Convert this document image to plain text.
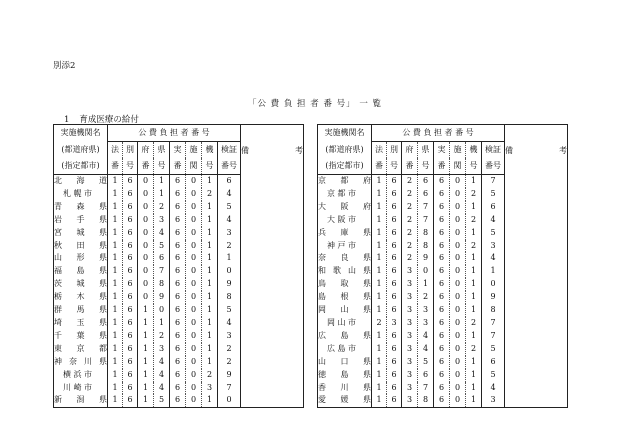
別添2
「公 費 負 担 者 番 号」 一 覧
1 育成医療の給付
実施機関名	公 費 負 担 者 番 号								備 考

(都道府県)	法	別	府	県	実	施	機	検証	

(指定都市)	番	号	番	号	番	関	号	番号	
北 海 道	1	6	0	1	6	0	1	6	
札 幌 市	1	6	0	1	6	0	2	4	
青 森 県	1	6	0	2	6	0	1	5	
岩 手 県	1	6	0	3	6	0	1	4	
宮 城 県	1	6	0	4	6	0	1	3	
秋 田 県	1	6	0	5	6	0	1	2	
山 形 県	1	6	0	6	6	0	1	1	
福 島 県	1	6	0	7	6	0	1	0	
茨 城 県	1	6	0	8	6	0	1	9	
栃 木 県	1	6	0	9	6	0	1	8	
群 馬 県	1	6	1	0	6	0	1	5	
埼 玉 県	1	6	1	1	6	0	1	4	
千 葉 県	1	6	1	2	6	0	1	3	
東 京 都	1	6	1	3	6	0	1	2	
神 奈 川 県	1	6	1	4	6	0	1	2	
横 浜 市	1	6	1	4	6	0	2	9	
川 崎 市	1	6	1	4	6	0	3	7	
新 潟 県	1	6	1	5	6	0	1	0	
実施機関名	公 費 負 担 者 番 号								備 考

(都道府県)	法	別	府	県	実	施	機	検証	

(指定都市)	番	号	番	号	番	関	号	番号	
京 都 府	1	6	2	6	6	0	1	7	
京 都 市	1	6	2	6	6	0	2	5	
大 阪 府	1	6	2	7	6	0	1	6	
大 阪 市	1	6	2	7	6	0	2	4	
兵 庫 県	1	6	2	8	6	0	1	5	
神 戸 市	1	6	2	8	6	0	2	3	
奈 良 県	1	6	2	9	6	0	1	4	
和 歌 山 県	1	6	3	0	6	0	1	1	
鳥 取 県	1	6	3	1	6	0	1	0	
島 根 県	1	6	3	2	6	0	1	9	
岡 山 県	1	6	3	3	6	0	1	8	
岡 山 市	2	3	3	3	6	0	2	7	
広 島 県	1	6	3	4	6	0	1	7	
広 島 市	1	6	3	4	6	0	2	5	
山 口 県	1	6	3	5	6	0	1	6	
徳 島 県	1	6	3	6	6	0	1	5	
香 川 県	1	6	3	7	6	0	1	4	
愛 媛 県	1	6	3	8	6	0	1	3	
